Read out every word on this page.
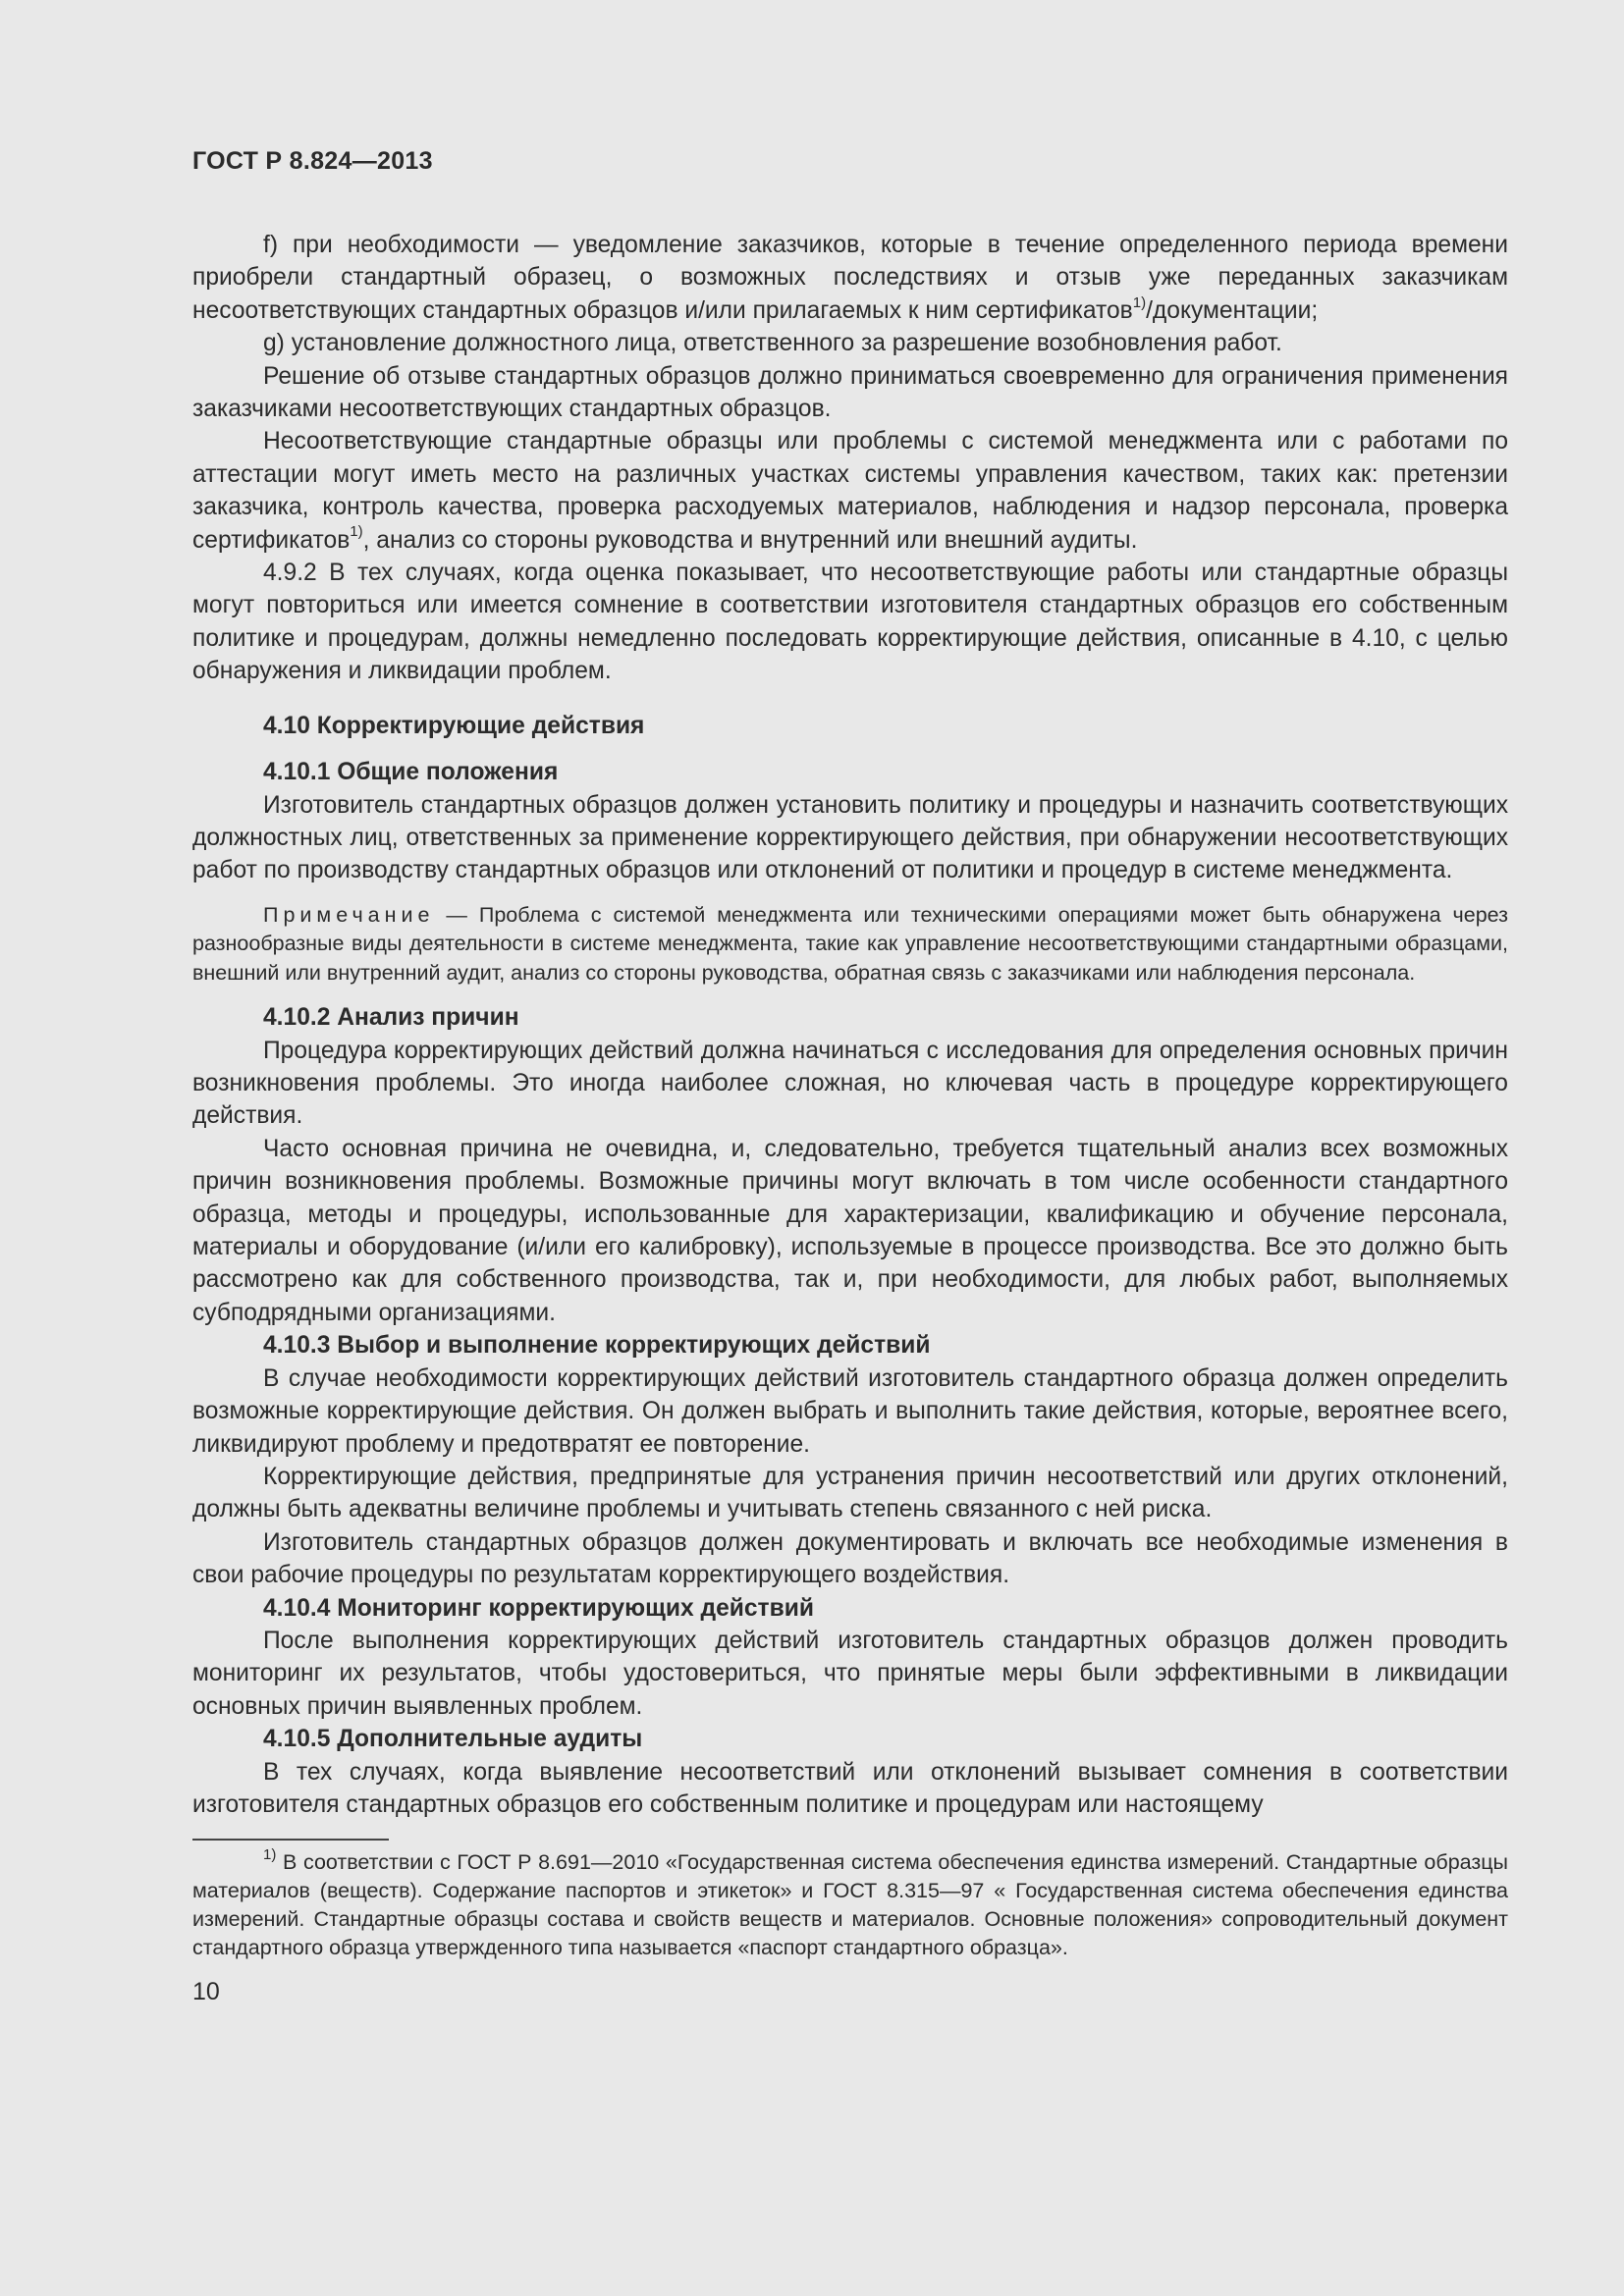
ГОСТ Р 8.824—2013

f) при необходимости — уведомление заказчиков, которые в течение определенного периода времени приобрели стандартный образец, о возможных последствиях и отзыв уже переданных заказчикам несоответствующих стандартных образцов и/или прилагаемых к ним сертификатов$^{1)}$/документации;

g) установление должностного лица, ответственного за разрешение возобновления работ.

Решение об отзыве стандартных образцов должно приниматься своевременно для ограничения применения заказчиками несоответствующих стандартных образцов.

Несоответствующие стандартные образцы или проблемы с системой менеджмента или с работами по аттестации могут иметь место на различных участках системы управления качеством, таких как: претензии заказчика, контроль качества, проверка расходуемых материалов, наблюдения и надзор персонала, проверка сертификатов$^{1)}$, анализ со стороны руководства и внутренний или внешний аудиты.

4.9.2 В тех случаях, когда оценка показывает, что несоответствующие работы или стандартные образцы могут повториться или имеется сомнение в соответствии изготовителя стандартных образцов его собственным политике и процедурам, должны немедленно последовать корректирующие действия, описанные в 4.10, с целью обнаружения и ликвидации проблем.

4.10 Корректирующие действия
4.10.1 Общие положения

Изготовитель стандартных образцов должен установить политику и процедуры и назначить соответствующих должностных лиц, ответственных за применение корректирующего действия, при обнаружении несоответствующих работ по производству стандартных образцов или отклонений от политики и процедур в системе менеджмента.

Примечание — Проблема с системой менеджмента или техническими операциями может быть обнаружена через разнообразные виды деятельности в системе менеджмента, такие как управление несоответствующими стандартными образцами, внешний или внутренний аудит, анализ со стороны руководства, обратная связь с заказчиками или наблюдения персонала.

4.10.2 Анализ причин

Процедура корректирующих действий должна начинаться с исследования для определения основных причин возникновения проблемы. Это иногда наиболее сложная, но ключевая часть в процедуре корректирующего действия.

Часто основная причина не очевидна, и, следовательно, требуется тщательный анализ всех возможных причин возникновения проблемы. Возможные причины могут включать в том числе особенности стандартного образца, методы и процедуры, использованные для характеризации, квалификацию и обучение персонала, материалы и оборудование (и/или его калибровку), используемые в процессе производства. Все это должно быть рассмотрено как для собственного производства, так и, при необходимости, для любых работ, выполняемых субподрядными организациями.

4.10.3 Выбор и выполнение корректирующих действий

В случае необходимости корректирующих действий изготовитель стандартного образца должен определить возможные корректирующие действия. Он должен выбрать и выполнить такие действия, которые, вероятнее всего, ликвидируют проблему и предотвратят ее повторение.

Корректирующие действия, предпринятые для устранения причин несоответствий или других отклонений, должны быть адекватны величине проблемы и учитывать степень связанного с ней риска.

Изготовитель стандартных образцов должен документировать и включать все необходимые изменения в свои рабочие процедуры по результатам корректирующего воздействия.

4.10.4 Мониторинг корректирующих действий

После выполнения корректирующих действий изготовитель стандартных образцов должен проводить мониторинг их результатов, чтобы удостовериться, что принятые меры были эффективными в ликвидации основных причин выявленных проблем.

4.10.5 Дополнительные аудиты

В тех случаях, когда выявление несоответствий или отклонений вызывает сомнения в соответствии изготовителя стандартных образцов его собственным политике и процедурам или настоящему

$^{1)}$ В соответствии с ГОСТ Р 8.691—2010 «Государственная система обеспечения единства измерений. Стандартные образцы материалов (веществ). Содержание паспортов и этикеток» и ГОСТ 8.315—97 « Государственная система обеспечения единства измерений. Стандартные образцы состава и свойств веществ и материалов. Основные положения» сопроводительный документ стандартного образца утвержденного типа называется «паспорт стандартного образца».

10
